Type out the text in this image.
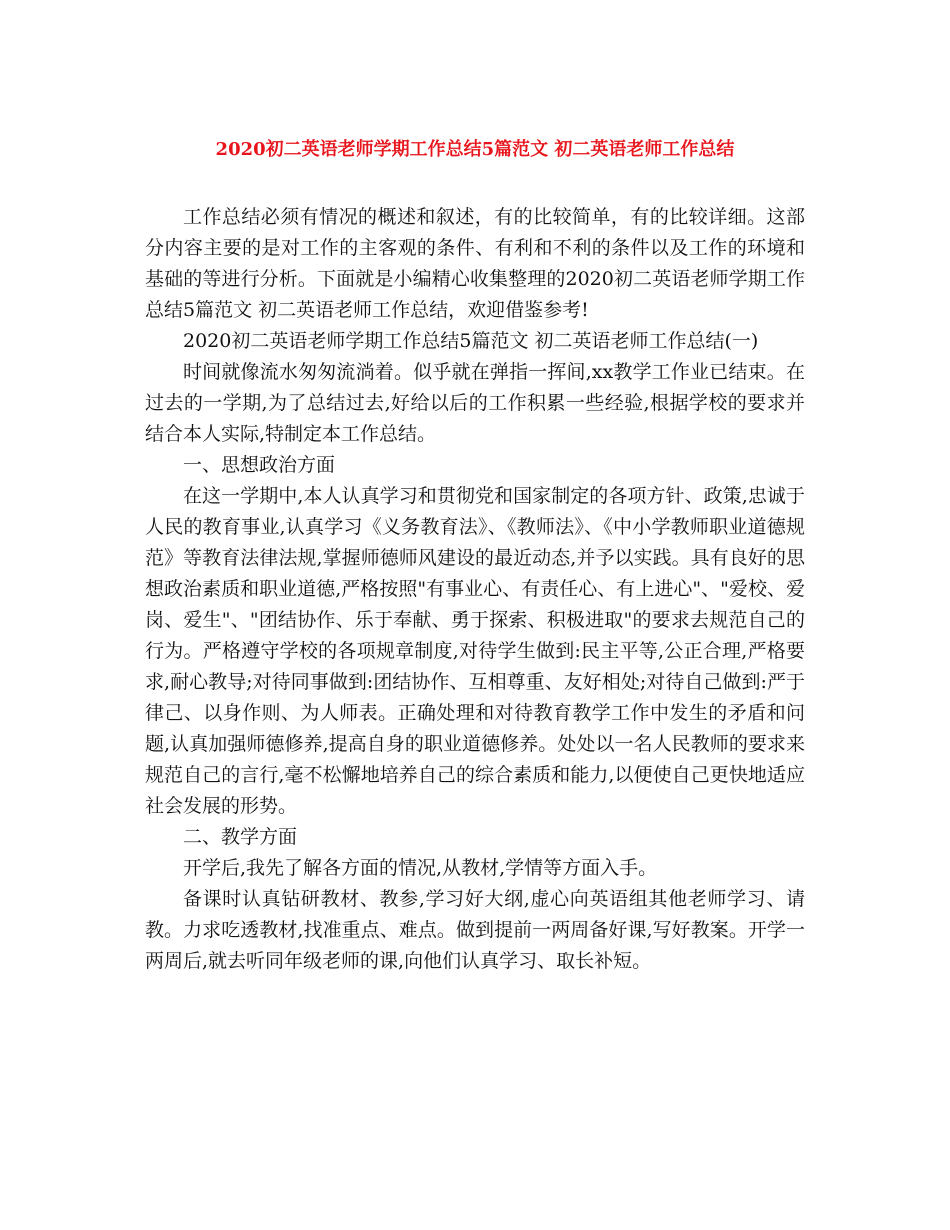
2020初二英语老师学期工作总结5篇范文 初二英语老师工作总结

工作总结必须有情况的概述和叙述，有的比较简单，有的比较详细。这部分内容主要的是对工作的主客观的条件、有利和不利的条件以及工作的环境和基础的等进行分析。下面就是小编精心收集整理的2020初二英语老师学期工作总结5篇范文 初二英语老师工作总结，欢迎借鉴参考!

2020初二英语老师学期工作总结5篇范文 初二英语老师工作总结(一)

时间就像流水匆匆流淌着。似乎就在弹指一挥间,xx教学工作业已结束。在过去的一学期,为了总结过去,好给以后的工作积累一些经验,根据学校的要求并结合本人实际,特制定本工作总结。

一、思想政治方面

在这一学期中,本人认真学习和贯彻党和国家制定的各项方针、政策,忠诚于人民的教育事业,认真学习《义务教育法》、《教师法》、《中小学教师职业道德规范》等教育法律法规,掌握师德师风建设的最近动态,并予以实践。具有良好的思想政治素质和职业道德,严格按照"有事业心、有责任心、有上进心"、"爱校、爱岗、爱生"、"团结协作、乐于奉献、勇于探索、积极进取"的要求去规范自己的行为。严格遵守学校的各项规章制度,对待学生做到:民主平等,公正合理,严格要求,耐心教导;对待同事做到:团结协作、互相尊重、友好相处;对待自己做到:严于律己、以身作则、为人师表。正确处理和对待教育教学工作中发生的矛盾和问题,认真加强师德修养,提高自身的职业道德修养。处处以一名人民教师的要求来规范自己的言行,毫不松懈地培养自己的综合素质和能力,以便使自己更快地适应社会发展的形势。

二、教学方面

开学后,我先了解各方面的情况,从教材,学情等方面入手。

备课时认真钻研教材、教参,学习好大纲,虚心向英语组其他老师学习、请教。力求吃透教材,找准重点、难点。做到提前一两周备好课,写好教案。开学一两周后,就去听同年级老师的课,向他们认真学习、取长补短。
